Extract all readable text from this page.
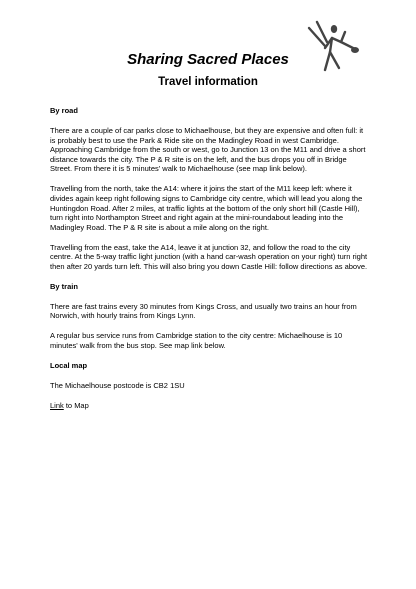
Sharing Sacred Places
Travel information
By road

There are a couple of car parks close to Michaelhouse, but they are expensive and often full: it is probably best to use the Park & Ride site on the Madingley Road in west Cambridge. Approaching Cambridge from the south or west, go to Junction 13 on the M11 and drive a short distance towards the city. The P & R site is on the left, and the bus drops you off in Bridge Street. From there it is 5 minutes' walk to Michaelhouse (see map link below).

Travelling from the north, take the A14: where it joins the start of the M11 keep left: where it divides again keep right following signs to Cambridge city centre, which will lead you along the Huntingdon Road. After 2 miles, at traffic lights at the bottom of the only short hill (Castle Hill), turn right into Northampton Street and right again at the mini-roundabout leading into the Madingley Road. The P & R site is about a mile along on the right.

Travelling from the east, take the A14, leave it at junction 32, and follow the road to the city centre. At the 5-way traffic light junction (with a hand car-wash operation on your right) turn right then after 20 yards turn left. This will also bring you down Castle Hill: follow directions as above.

By train

There are fast trains every 30 minutes from Kings Cross, and usually two trains an hour from Norwich, with hourly trains from Kings Lynn.

A regular bus service runs from Cambridge station to the city centre: Michaelhouse is 10 minutes' walk from the bus stop. See map link below.

Local map

The Michaelhouse postcode is CB2 1SU

Link to Map
